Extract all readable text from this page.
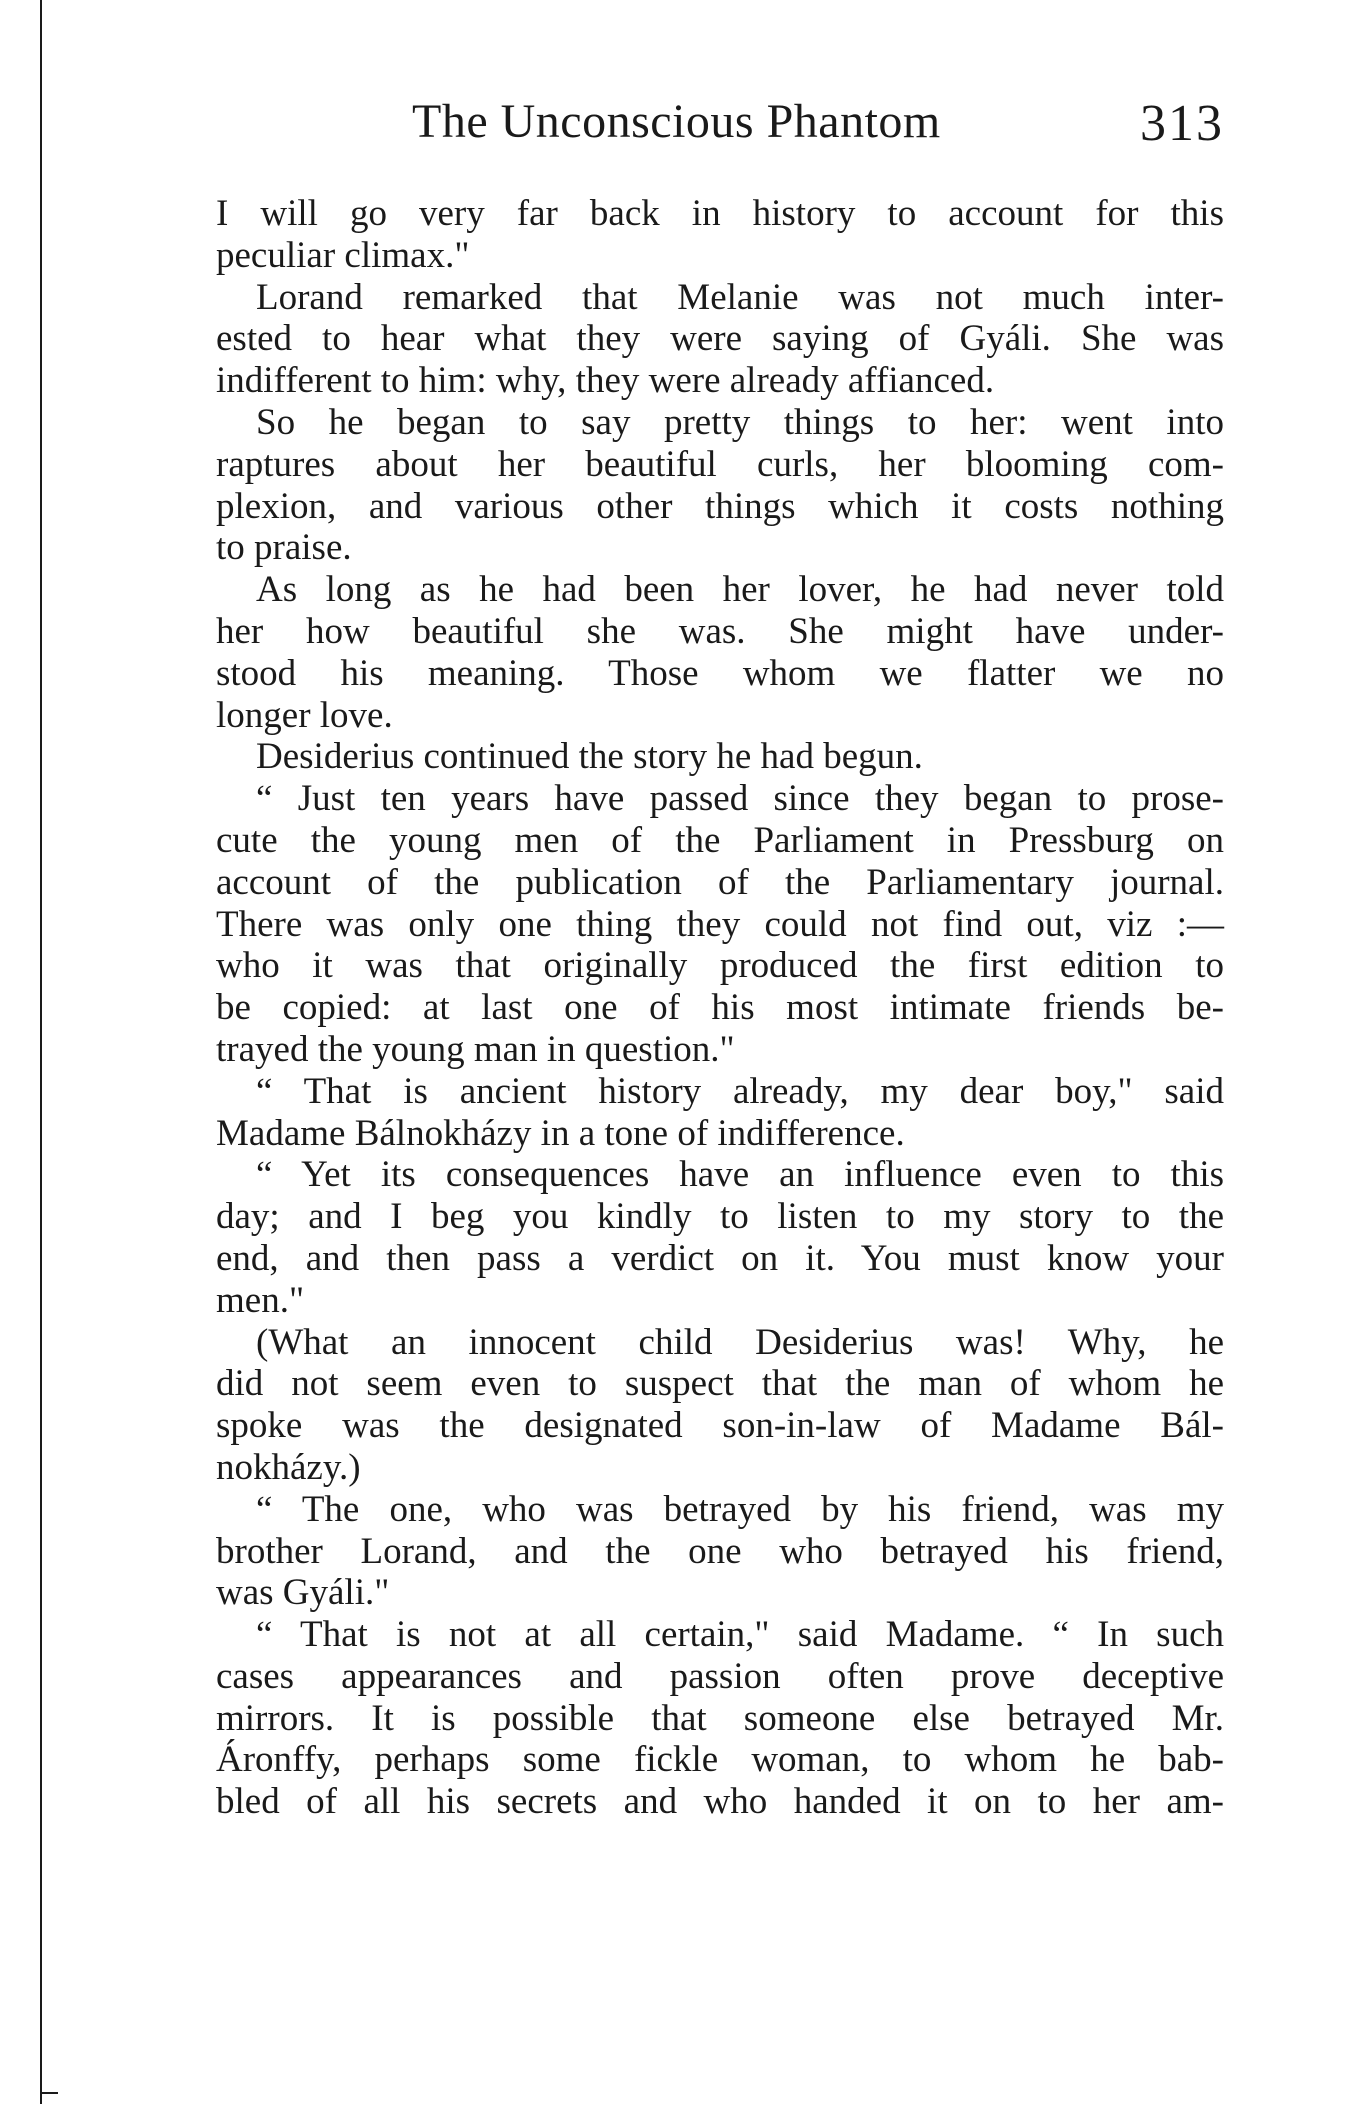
The Unconscious Phantom	313
I will go very far back in history to account for this
peculiar climax."
Lorand remarked that Melanie was not much inter-
ested to hear what they were saying of Gyáli. She was
indifferent to him: why, they were already affianced.
So he began to say pretty things to her: went into
raptures about her beautiful curls, her blooming com-
plexion, and various other things which it costs nothing
to praise.
As long as he had been her lover, he had never told
her how beautiful she was. She might have under-
stood his meaning. Those whom we flatter we no
longer love.
Desiderius continued the story he had begun.
“ Just ten years have passed since they began to prose-
cute the young men of the Parliament in Pressburg on
account of the publication of the Parliamentary journal.
There was only one thing they could not find out, viz :—
who it was that originally produced the first edition to
be copied: at last one of his most intimate friends be-
trayed the young man in question."
“ That is ancient history already, my dear boy," said
Madame Bálnokházy in a tone of indifference.
“ Yet its consequences have an influence even to this
day; and I beg you kindly to listen to my story to the
end, and then pass a verdict on it. You must know your
men."
(What an innocent child Desiderius was! Why, he
did not seem even to suspect that the man of whom he
spoke was the designated son-in-law of Madame Bál-
nokházy.)
“ The one, who was betrayed by his friend, was my
brother Lorand, and the one who betrayed his friend,
was Gyáli."
“ That is not at all certain," said Madame. “ In such
cases appearances and passion often prove deceptive
mirrors. It is possible that someone else betrayed Mr.
Áronffy, perhaps some fickle woman, to whom he bab-
bled of all his secrets and who handed it on to her am-
